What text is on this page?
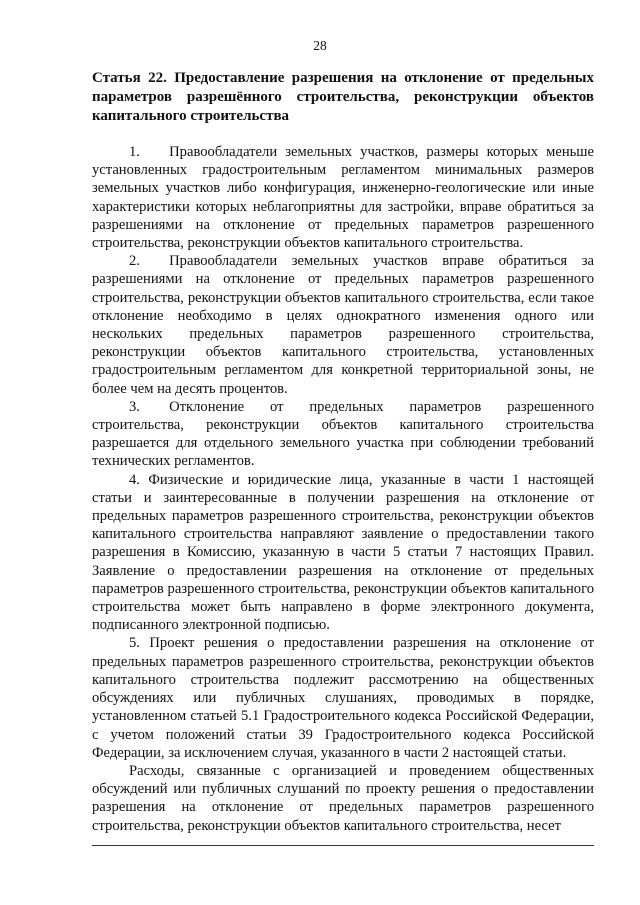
28
Статья 22. Предоставление разрешения на отклонение от предельных параметров разрешённого строительства, реконструкции объектов капитального строительства

1.  Правообладатели земельных участков, размеры которых меньше установленных градостроительным регламентом минимальных размеров земельных участков либо конфигурация, инженерно-геологические или иные характеристики которых неблагоприятны для застройки, вправе обратиться за разрешениями на отклонение от предельных параметров разрешенного строительства, реконструкции объектов капитального строительства.

2.  Правообладатели земельных участков вправе обратиться за разрешениями на отклонение от предельных параметров разрешенного строительства, реконструкции объектов капитального строительства, если такое отклонение необходимо в целях однократного изменения одного или нескольких предельных параметров разрешенного строительства, реконструкции объектов капитального строительства, установленных градостроительным регламентом для конкретной территориальной зоны, не более чем на десять процентов.

3.  Отклонение от предельных параметров разрешенного строительства, реконструкции объектов капитального строительства разрешается для отдельного земельного участка при соблюдении требований технических регламентов.

4. Физические и юридические лица, указанные в части 1 настоящей статьи и заинтересованные в получении разрешения на отклонение от предельных параметров разрешенного строительства, реконструкции объектов капитального строительства направляют заявление о предоставлении такого разрешения в Комиссию, указанную в части 5 статьи 7 настоящих Правил. Заявление о предоставлении разрешения на отклонение от предельных параметров разрешенного строительства, реконструкции объектов капитального строительства может быть направлено в форме электронного документа, подписанного электронной подписью.

5. Проект решения о предоставлении разрешения на отклонение от предельных параметров разрешенного строительства, реконструкции объектов капитального строительства подлежит рассмотрению на общественных обсуждениях или публичных слушаниях, проводимых в порядке, установленном статьей 5.1 Градостроительного кодекса Российской Федерации, с учетом положений статьи 39 Градостроительного кодекса Российской Федерации, за исключением случая, указанного в части 2 настоящей статьи.

Расходы, связанные с организацией и проведением общественных обсуждений или публичных слушаний по проекту решения о предоставлении разрешения на отклонение от предельных параметров разрешенного строительства, реконструкции объектов капитального строительства, несет
